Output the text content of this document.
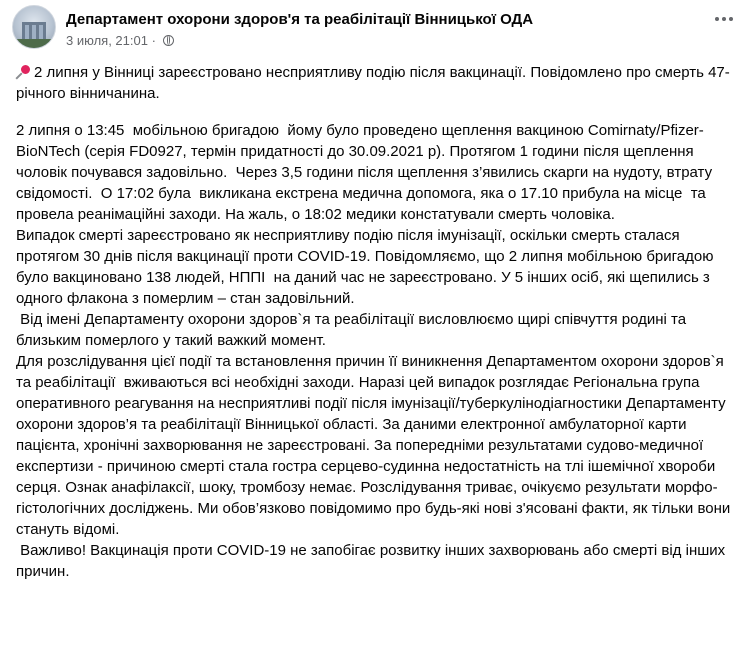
Департамент охорони здоров'я та реабілітації Вінницької ОДА
3 июля, 21:01 ·

2 липня у Вінниці зареєстровано несприятливу подію після вакцинації. Повідомлено про смерть 47-річного вінничанина.

2 липня о 13:45  мобільною бригадою  йому було проведено щеплення вакциною Comirnaty/Pfizer-BioNTech (серія FD0927, термін придатності до 30.09.2021 р). Протягом 1 години після щеплення чоловік почувався задовільно.  Через 3,5 години після щеплення з’явились скарги на нудоту, втрату свідомості.  О 17:02 була  викликана екстрена медична допомога, яка о 17.10 прибула на місце  та провела реанімаційні заходи. На жаль, о 18:02 медики констатували смерть чоловіка.
Випадок смерті зареєстровано як несприятливу подію після імунізації, оскільки смерть сталася протягом 30 днів після вакцинації проти COVID-19. Повідомляємо, що 2 липня мобільною бригадою було вакциновано 138 людей, НППІ  на даний час не зареєстровано. У 5 інших осіб, які щепились з одного флакона з померлим – стан задовільний.
Від імені Департаменту охорони здоров`я та реабілітації висловлюємо щирі співчуття родині та близьким померлого у такий важкий момент.
Для розслідування цієї події та встановлення причин її виникнення Департаментом охорони здоров`я та реабілітації  вживаються всі необхідні заходи. Наразі цей випадок розглядає Регіональна група оперативного реагування на несприятливі події після імунізації/туберкулінодіагностики Департаменту охорони здоров’я та реабілітації Вінницької області. За даними електронної амбулаторної карти пацієнта, хронічні захворювання не зареєстровані. За попередніми результатами судово-медичної експертизи - причиною смерті стала гостра серцево-судинна недостатність на тлі ішемічної хвороби серця. Ознак анафілаксії, шоку, тромбозу немає. Розслідування триває, очікуємо результати морфо-гістологічних досліджень. Ми обов’язково повідомимо про будь-які нові з'ясовані факти, як тільки вони стануть відомі.
Важливо! Вакцинація проти COVID-19 не запобігає розвитку інших захворювань або смерті від інших причин.
